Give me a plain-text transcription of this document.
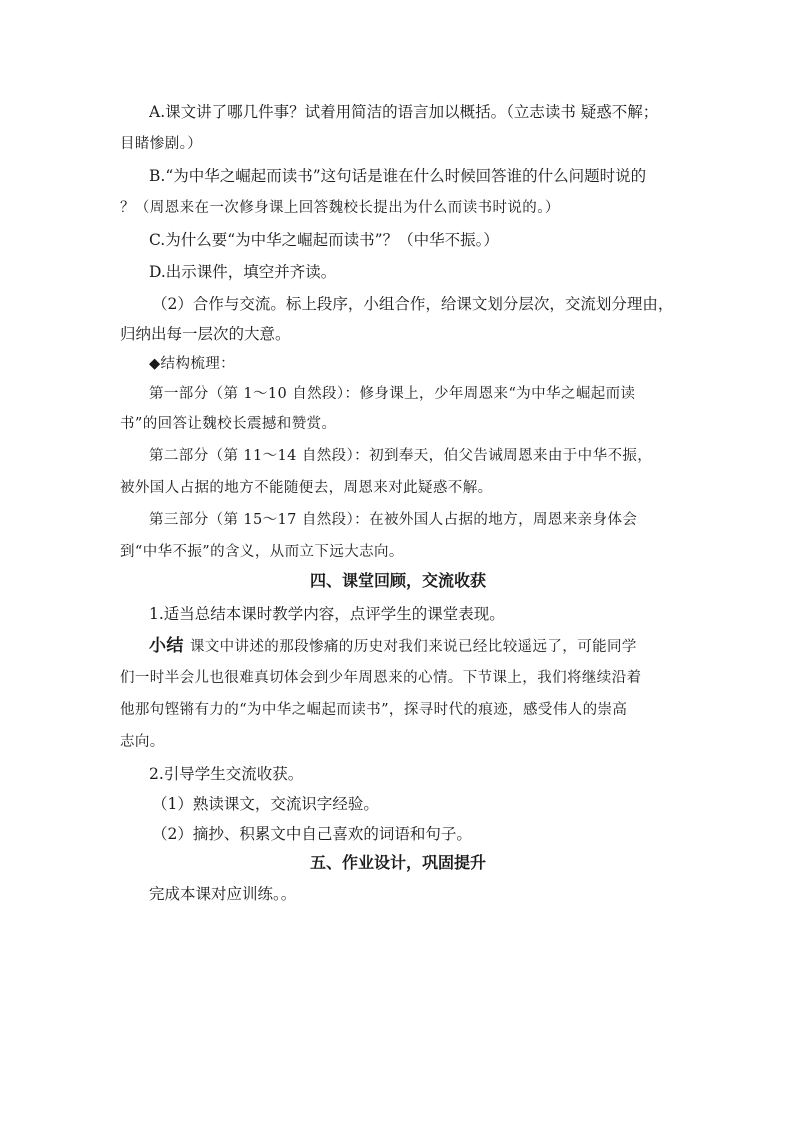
A.课文讲了哪几件事？试着用简洁的语言加以概括。（立志读书 疑惑不解；
目睹惨剧。）
B.“为中华之崛起而读书”这句话是谁在什么时候回答谁的什么问题时说的
？（周恩来在一次修身课上回答魏校长提出为什么而读书时说的。）
C.为什么要“为中华之崛起而读书”？（中华不振。）
D.出示课件，填空并齐读。
（2）合作与交流。标上段序，小组合作，给课文划分层次，交流划分理由，
归纳出每一层次的大意。
◆结构梳理：
第一部分（第 1～10 自然段）：修身课上，少年周恩来“为中华之崛起而读
书”的回答让魏校长震撼和赞赏。
第二部分（第 11～14 自然段）：初到奉天，伯父告诫周恩来由于中华不振，
被外国人占据的地方不能随便去，周恩来对此疑惑不解。
第三部分（第 15～17 自然段）：在被外国人占据的地方，周恩来亲身体会
到“中华不振”的含义，从而立下远大志向。
四、课堂回顾，交流收获
1.适当总结本课时教学内容，点评学生的课堂表现。
小结 课文中讲述的那段惨痛的历史对我们来说已经比较遥远了，可能同学
们一时半会儿也很难真切体会到少年周恩来的心情。下节课上，我们将继续沿着
他那句铿锵有力的“为中华之崛起而读书”，探寻时代的痕迹，感受伟人的崇高
志向。
2.引导学生交流收获。
（1）熟读课文，交流识字经验。
（2）摘抄、积累文中自己喜欢的词语和句子。
五、作业设计，巩固提升
完成本课对应训练。。
